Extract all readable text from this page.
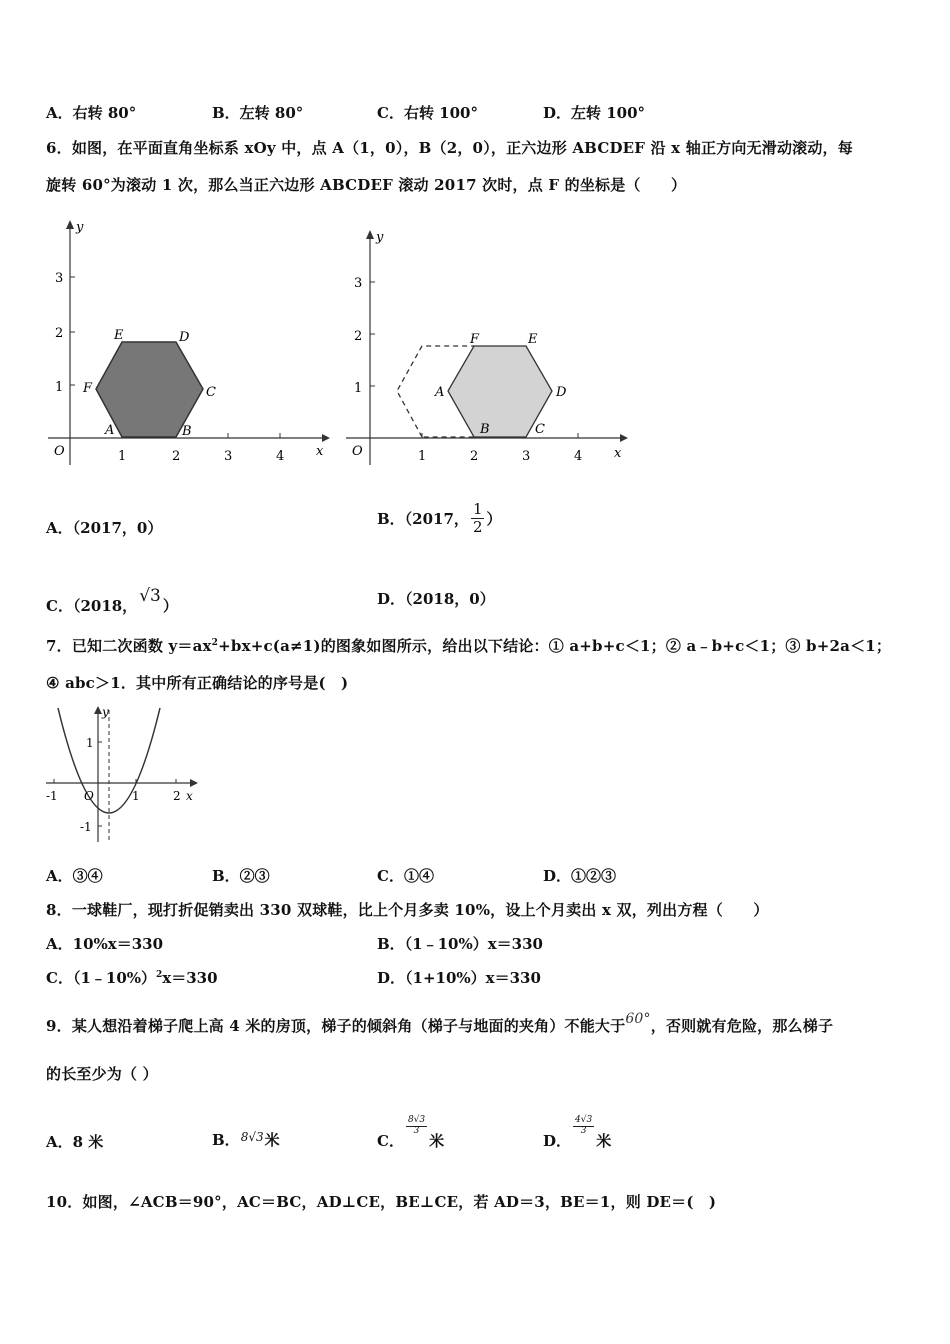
A．右转 80°	B．左转 80°	C．右转 100°	D．左转 100°
6．如图，在平面直角坐标系 xOy 中，点 A（1，0），B（2，0），正六边形 ABCDEF 沿 x 轴正方向无滑动滚动，每
旋转 60°为滚动 1 次，那么当正六边形 ABCDEF 滚动 2017 次时，点 F 的坐标是（　　）
y
x
O
1
2
3
1	2	3	4
A	B
C
D
E
F
y
x
O
1
2
3
1	2	3	4
A
B	C
D
E
F
A．（2017，0）
B．（2017， $\frac{1}{2}$ ）
C．（2018， √3 ）	D．（2018，0）
7．已知二次函数 $y=ax^2+bx+c(a\ne 1)$的图象如图所示，给出以下结论：① a+b+c＜1；② a﹣b+c＜1；③ b+2a＜1；
④ abc＞1．其中所有正确结论的序号是(　)
y
x
O
1
-1
-1	1	2
A．③④	B．②③	C．①④	D．①②③
8．一球鞋厂，现打折促销卖出 330 双球鞋，比上个月多卖 10%，设上个月卖出 x 双，列出方程（　　）
A．10%x＝330	B．（1﹣10%）x＝330
C．（1﹣10%）$^2$x＝330	D．（1+10%）x＝330
9．某人想沿着梯子爬上高 4 米的房顶，梯子的倾斜角（梯子与地面的夹角）不能大于60°，否则就有危险，那么梯子
的长至少为（ ）
A．8 米	B． 8√3 米	C．
$\frac{8√3}{3}$
米	D．
$\frac{4√3}{3}$
米
10．如图，∠ACB＝90°，AC＝BC，AD⊥CE，BE⊥CE，若 AD＝3，BE＝1，则 DE＝(　)
